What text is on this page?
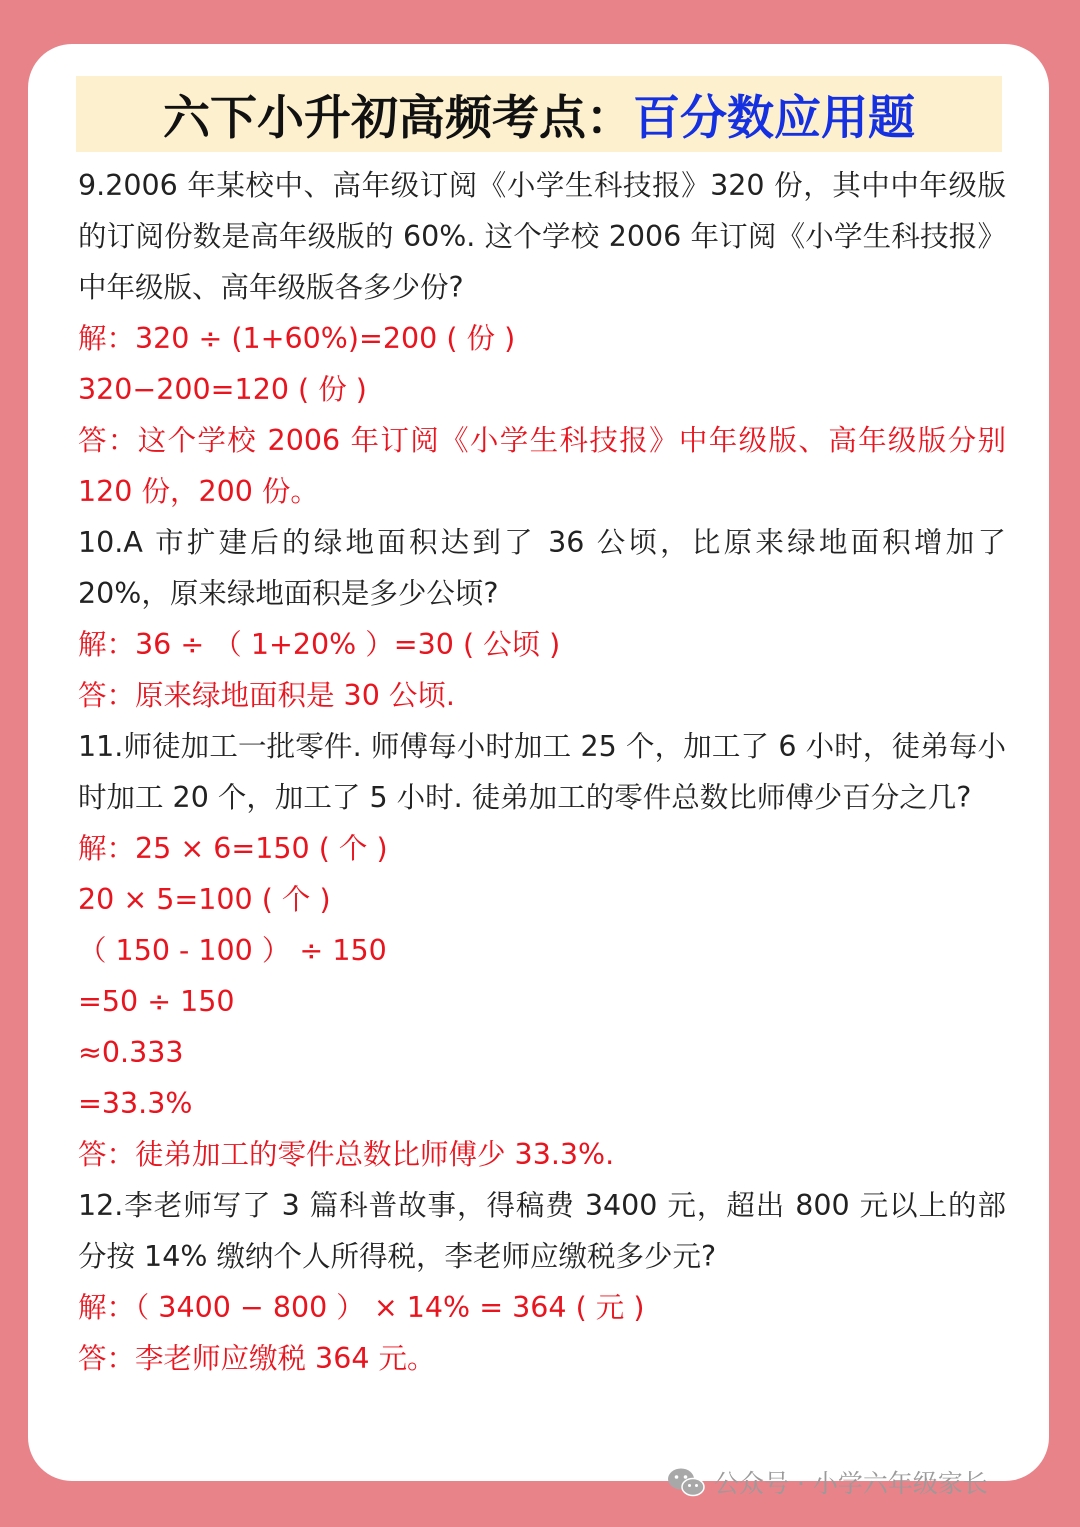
六下小升初高频考点： 百分数应用题

9.2006 年某校中、高年级订阅《小学生科技报》320 份，其中中年级版的订阅份数是高年级版的 60%. 这个学校 2006 年订阅《小学生科技报》中年级版、高年级版各多少份?

解：320 ÷ (1+60%)=200 ( 份 )

320−200=120 ( 份 )

答：这个学校 2006 年订阅《小学生科技报》中年级版、高年级版分别 120 份，200 份。

10.A 市扩建后的绿地面积达到了 36 公顷，比原来绿地面积增加了 20%，原来绿地面积是多少公顷?

解：36 ÷ （ 1+20% ）=30 ( 公顷 )

答：原来绿地面积是 30 公顷.

11.师徒加工一批零件. 师傅每小时加工 25 个，加工了 6 小时，徒弟每小时加工 20 个，加工了 5 小时. 徒弟加工的零件总数比师傅少百分之几?

解：25 × 6=150 ( 个 )

20 × 5=100 ( 个 )

（ 150 - 100 ） ÷ 150

=50 ÷ 150

≈0.333

=33.3%

答：徒弟加工的零件总数比师傅少 33.3%.

12.李老师写了 3 篇科普故事，得稿费 3400 元，超出 800 元以上的部分按 14% 缴纳个人所得税，李老师应缴税多少元?

解：（ 3400 − 800 ） × 14% = 364 ( 元 )

答：李老师应缴税 364 元。

公众号 · 小学六年级家长
